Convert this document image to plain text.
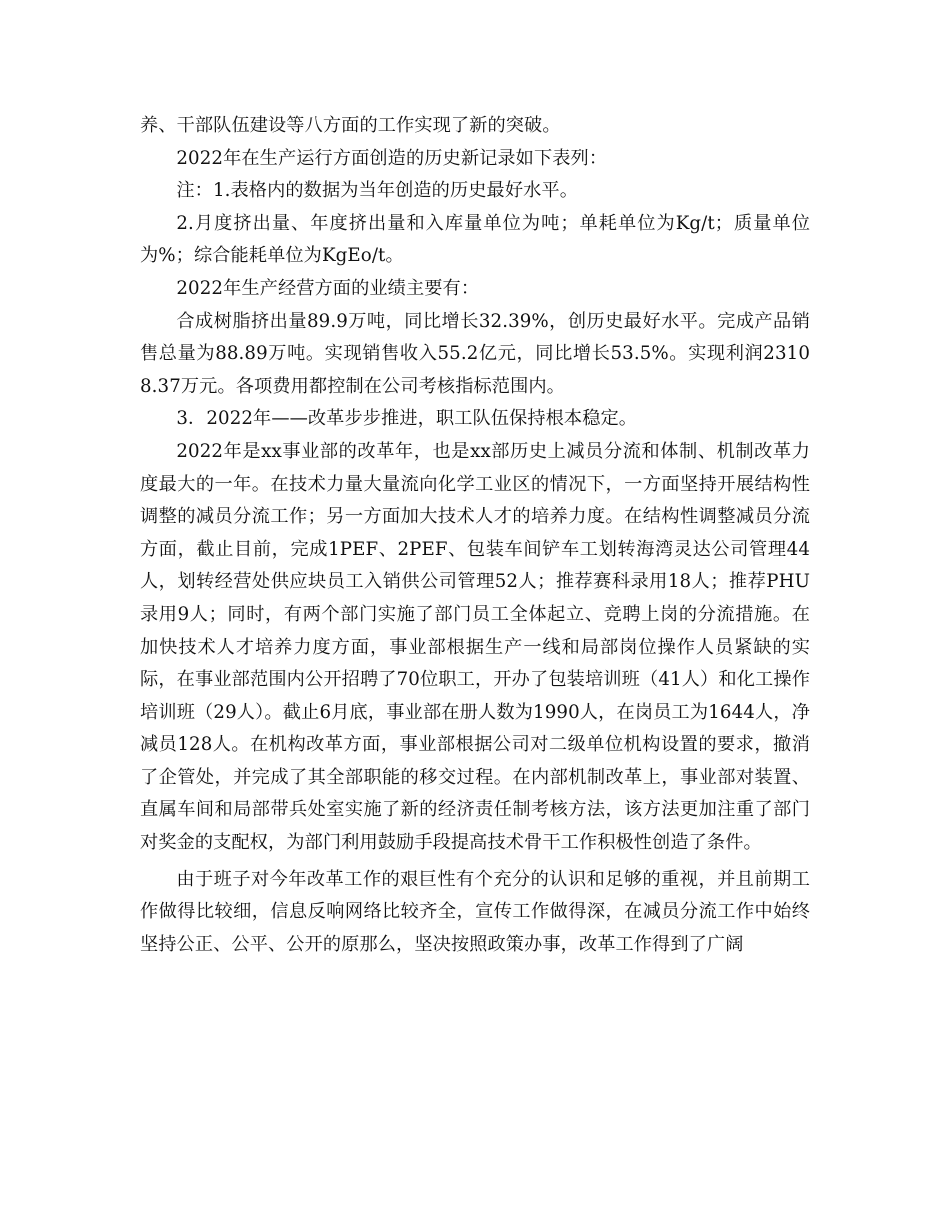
养、干部队伍建设等八方面的工作实现了新的突破。

2022年在生产运行方面创造的历史新记录如下表列：

注：1.表格内的数据为当年创造的历史最好水平。

2.月度挤出量、年度挤出量和入库量单位为吨；单耗单位为Kg/t；质量单位为%；综合能耗单位为KgEo/t。

2022年生产经营方面的业绩主要有：

合成树脂挤出量89.9万吨，同比增长32.39%，创历史最好水平。完成产品销售总量为88.89万吨。实现销售收入55.2亿元，同比增长53.5%。实现利润23108.37万元。各项费用都控制在公司考核指标范围内。

3．2022年——改革步步推进，职工队伍保持根本稳定。

2022年是xx事业部的改革年，也是xx部历史上减员分流和体制、机制改革力度最大的一年。在技术力量大量流向化学工业区的情况下，一方面坚持开展结构性调整的减员分流工作；另一方面加大技术人才的培养力度。在结构性调整减员分流方面，截止目前，完成1PEF、2PEF、包装车间铲车工划转海湾灵达公司管理44人，划转经营处供应块员工入销供公司管理52人；推荐赛科录用18人；推荐PHU录用9人；同时，有两个部门实施了部门员工全体起立、竞聘上岗的分流措施。在加快技术人才培养力度方面，事业部根据生产一线和局部岗位操作人员紧缺的实际，在事业部范围内公开招聘了70位职工，开办了包装培训班（41人）和化工操作培训班（29人）。截止6月底，事业部在册人数为1990人，在岗员工为1644人，净减员128人。在机构改革方面，事业部根据公司对二级单位机构设置的要求，撤消了企管处，并完成了其全部职能的移交过程。在内部机制改革上，事业部对装置、直属车间和局部带兵处室实施了新的经济责任制考核方法，该方法更加注重了部门对奖金的支配权，为部门利用鼓励手段提高技术骨干工作积极性创造了条件。

由于班子对今年改革工作的艰巨性有个充分的认识和足够的重视，并且前期工作做得比较细，信息反响网络比较齐全，宣传工作做得深，在减员分流工作中始终坚持公正、公平、公开的原那么，坚决按照政策办事，改革工作得到了广阔
